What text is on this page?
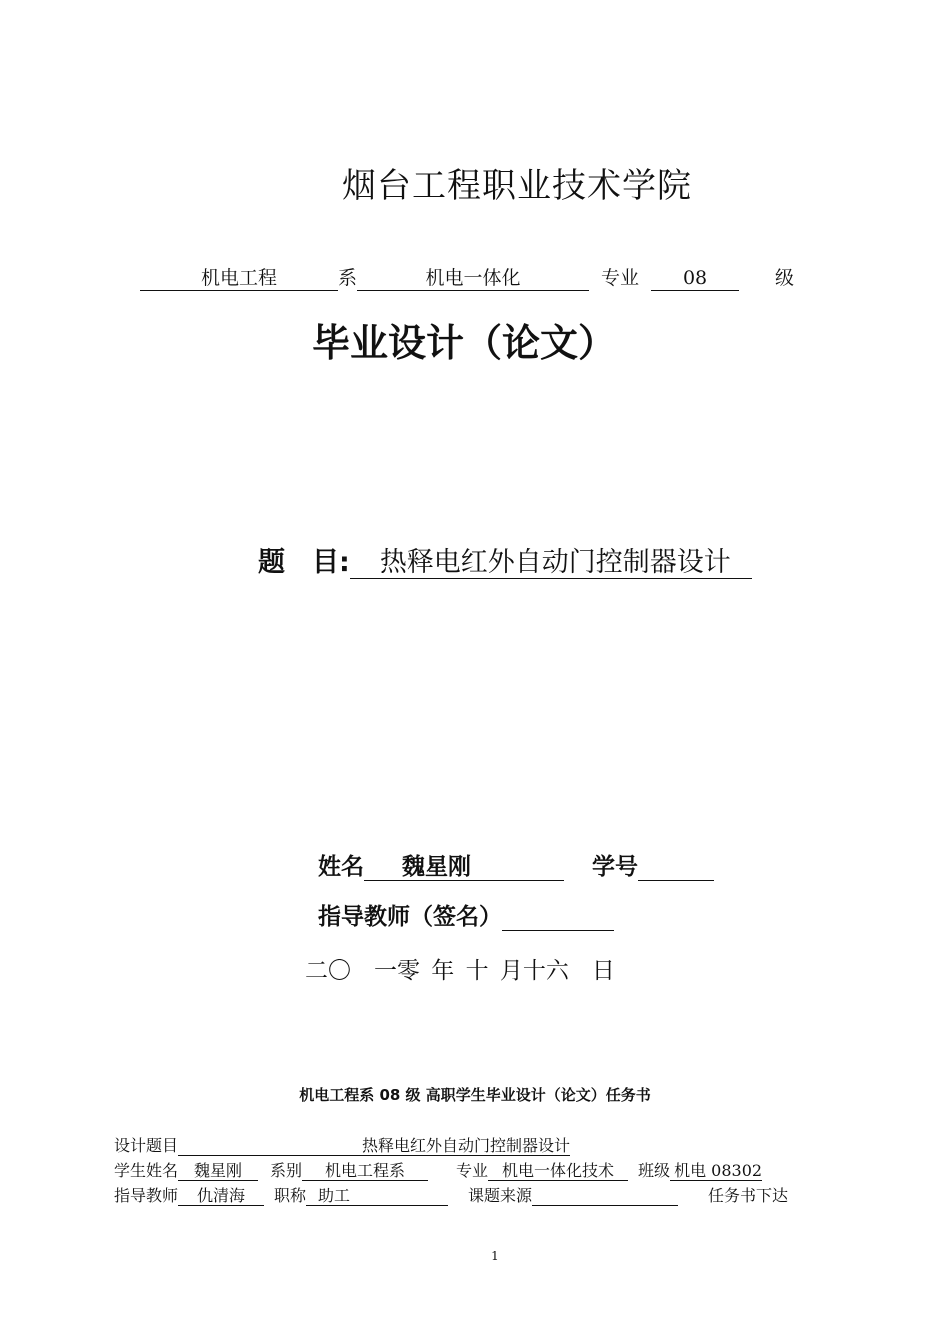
烟台工程职业技术学院
机电工程	系	机电一体化	专业 08	级
毕业设计（论文）
题　目: 热释电红外自动门控制器设计
姓名 魏星刚	学号
指导教师（签名）
二〇　一零 年 十 月十六　日
机电工程系 08 级 高职学生毕业设计（论文）任务书
设计题目	热释电红外自动门控制器设计
学生姓名 魏星刚 系别 机电工程系	专业 机电一体化技术 班级 机电 08302
指导教师 仇清海 职称 助工	课题来源	任务书下达
1
